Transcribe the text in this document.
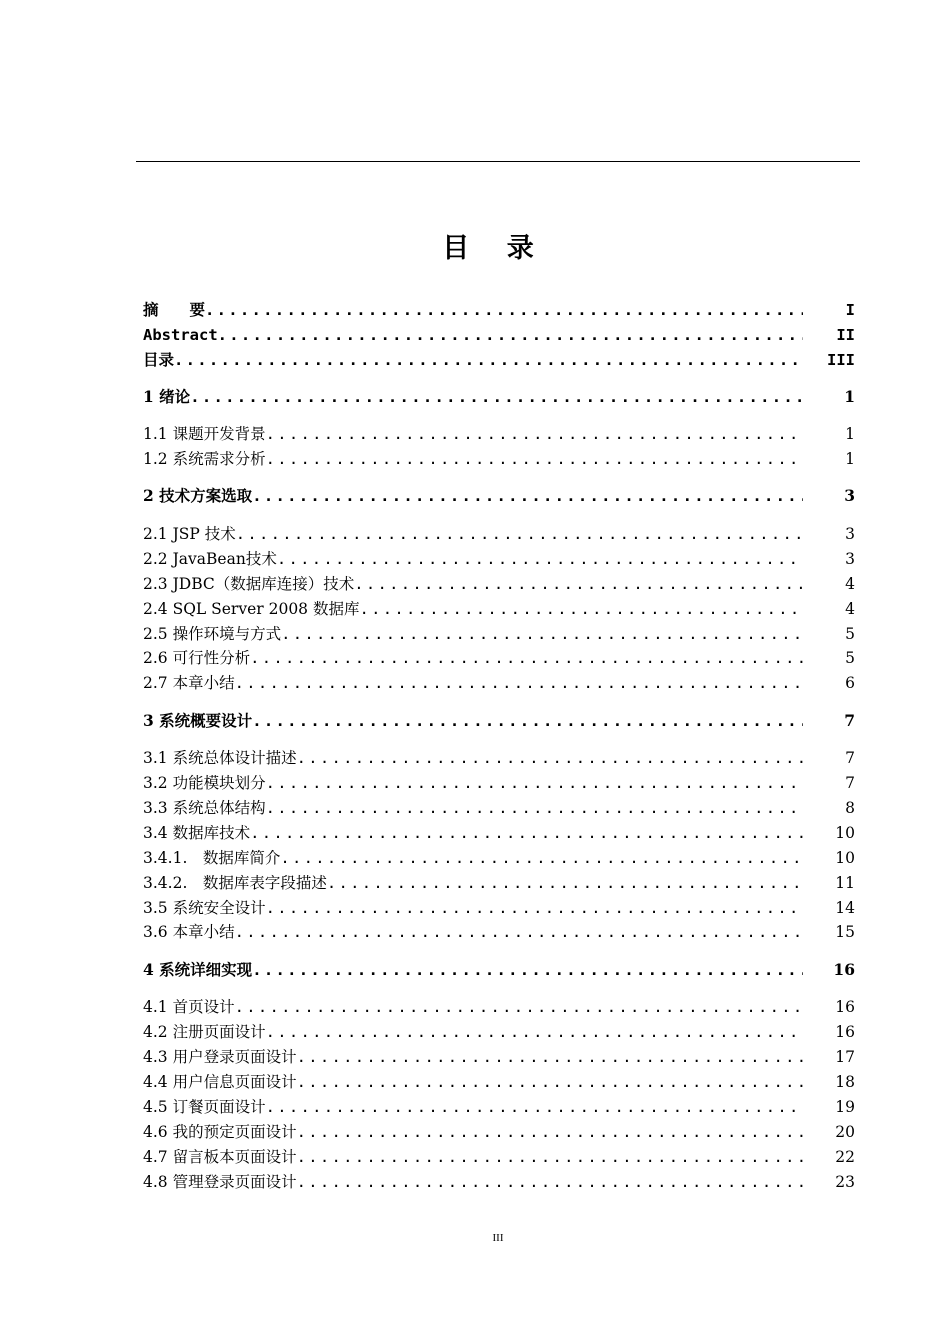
目 录
摘　　要 .....	I
Abstract .....	II
目录 .....	III
1 绪论 .....	1
1.1 课题开发背景 .....	1
1.2 系统需求分析 .....	1
2 技术方案选取 .....	3
2.1 JSP 技术 .....	3
2.2 JavaBean技术 .....	3
2.3 JDBC（数据库连接）技术 .....	4
2.4 SQL Server 2008 数据库 .....	4
2.5 操作环境与方式 .....	5
2.6 可行性分析 .....	5
2.7 本章小结 .....	6
3 系统概要设计 .....	7
3.1 系统总体设计描述 .....	7
3.2 功能模块划分 .....	7
3.3 系统总体结构 .....	8
3.4 数据库技术 .....	10
3.4.1.　数据库简介 .....	10
3.4.2.　数据库表字段描述 .....	11
3.5 系统安全设计 .....	14
3.6 本章小结 .....	15
4 系统详细实现 .....	16
4.1 首页设计 .....	16
4.2 注册页面设计 .....	16
4.3 用户登录页面设计 .....	17
4.4 用户信息页面设计 .....	18
4.5 订餐页面设计 .....	19
4.6 我的预定页面设计 .....	20
4.7 留言板本页面设计 .....	22
4.8 管理登录页面设计 .....	23
III
